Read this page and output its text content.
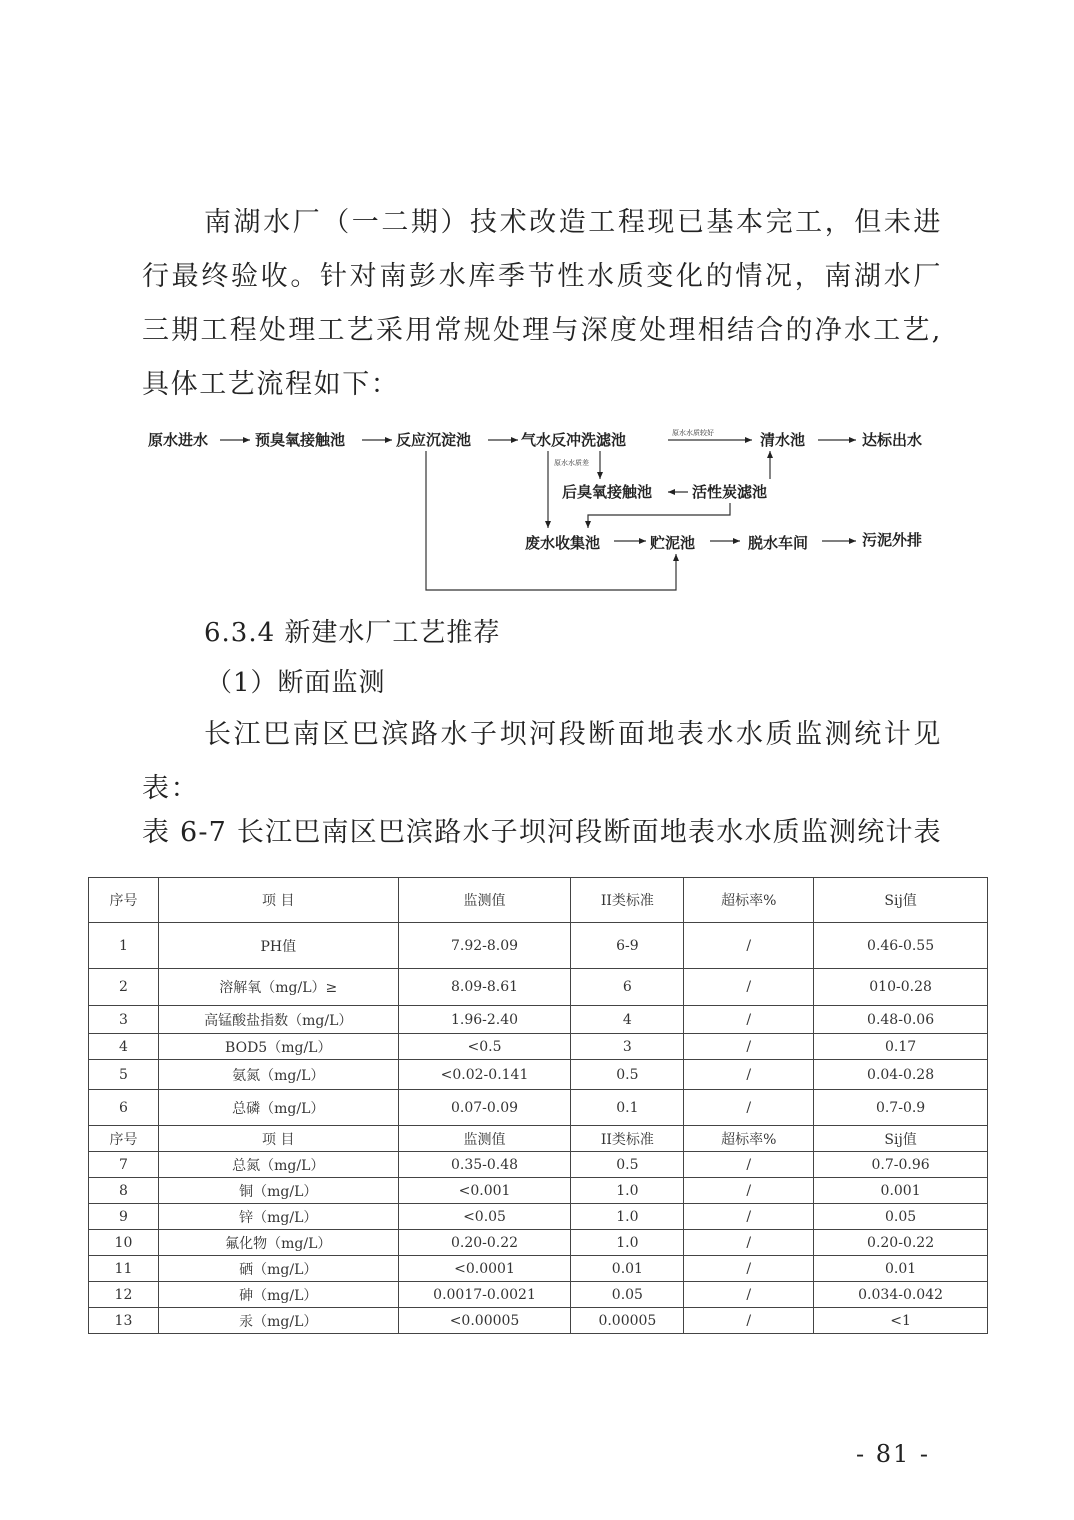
南湖水厂（一二期）技术改造工程现已基本完工，但未进行最终验收。针对南彭水库季节性水质变化的情况，南湖水厂三期工程处理工艺采用常规处理与深度处理相结合的净水工艺,具体工艺流程如下：

原水进水	预臭氧接触池	反应沉淀池	气水反冲洗滤池	原水水质较好	清水池	达标出水
原水水质差
后臭氧接触池	活性炭滤池
废水收集池	贮泥池	脱水车间	污泥外排
6.3.4 新建水厂工艺推荐
（1）断面监测

长江巴南区巴滨路水子坝河段断面地表水水质监测统计见表：

表 6-7 长江巴南区巴滨路水子坝河段断面地表水水质监测统计表
序号	项 目	监测值	II类标准	超标率%	Sij值
1	PH值	7.92-8.09	6-9	/	0.46-0.55
2	溶解氧（mg/L）≥	8.09-8.61	6	/	010-0.28
3	高锰酸盐指数（mg/L）	1.96-2.40	4	/	0.48-0.06
4	BOD5（mg/L）	<0.5	3	/	0.17
5	氨氮（mg/L）	<0.02-0.141	0.5	/	0.04-0.28
6	总磷（mg/L）	0.07-0.09	0.1	/	0.7-0.9
序号	项 目	监测值	II类标准	超标率%	Sij值
7	总氮（mg/L）	0.35-0.48	0.5	/	0.7-0.96
8	铜（mg/L）	<0.001	1.0	/	0.001
9	锌（mg/L）	<0.05	1.0	/	0.05
10	氟化物（mg/L）	0.20-0.22	1.0	/	0.20-0.22
11	硒（mg/L）	<0.0001	0.01	/	0.01
12	砷（mg/L）	0.0017-0.0021	0.05	/	0.034-0.042
13	汞（mg/L）	<0.00005	0.00005	/	<1
- 81 -
